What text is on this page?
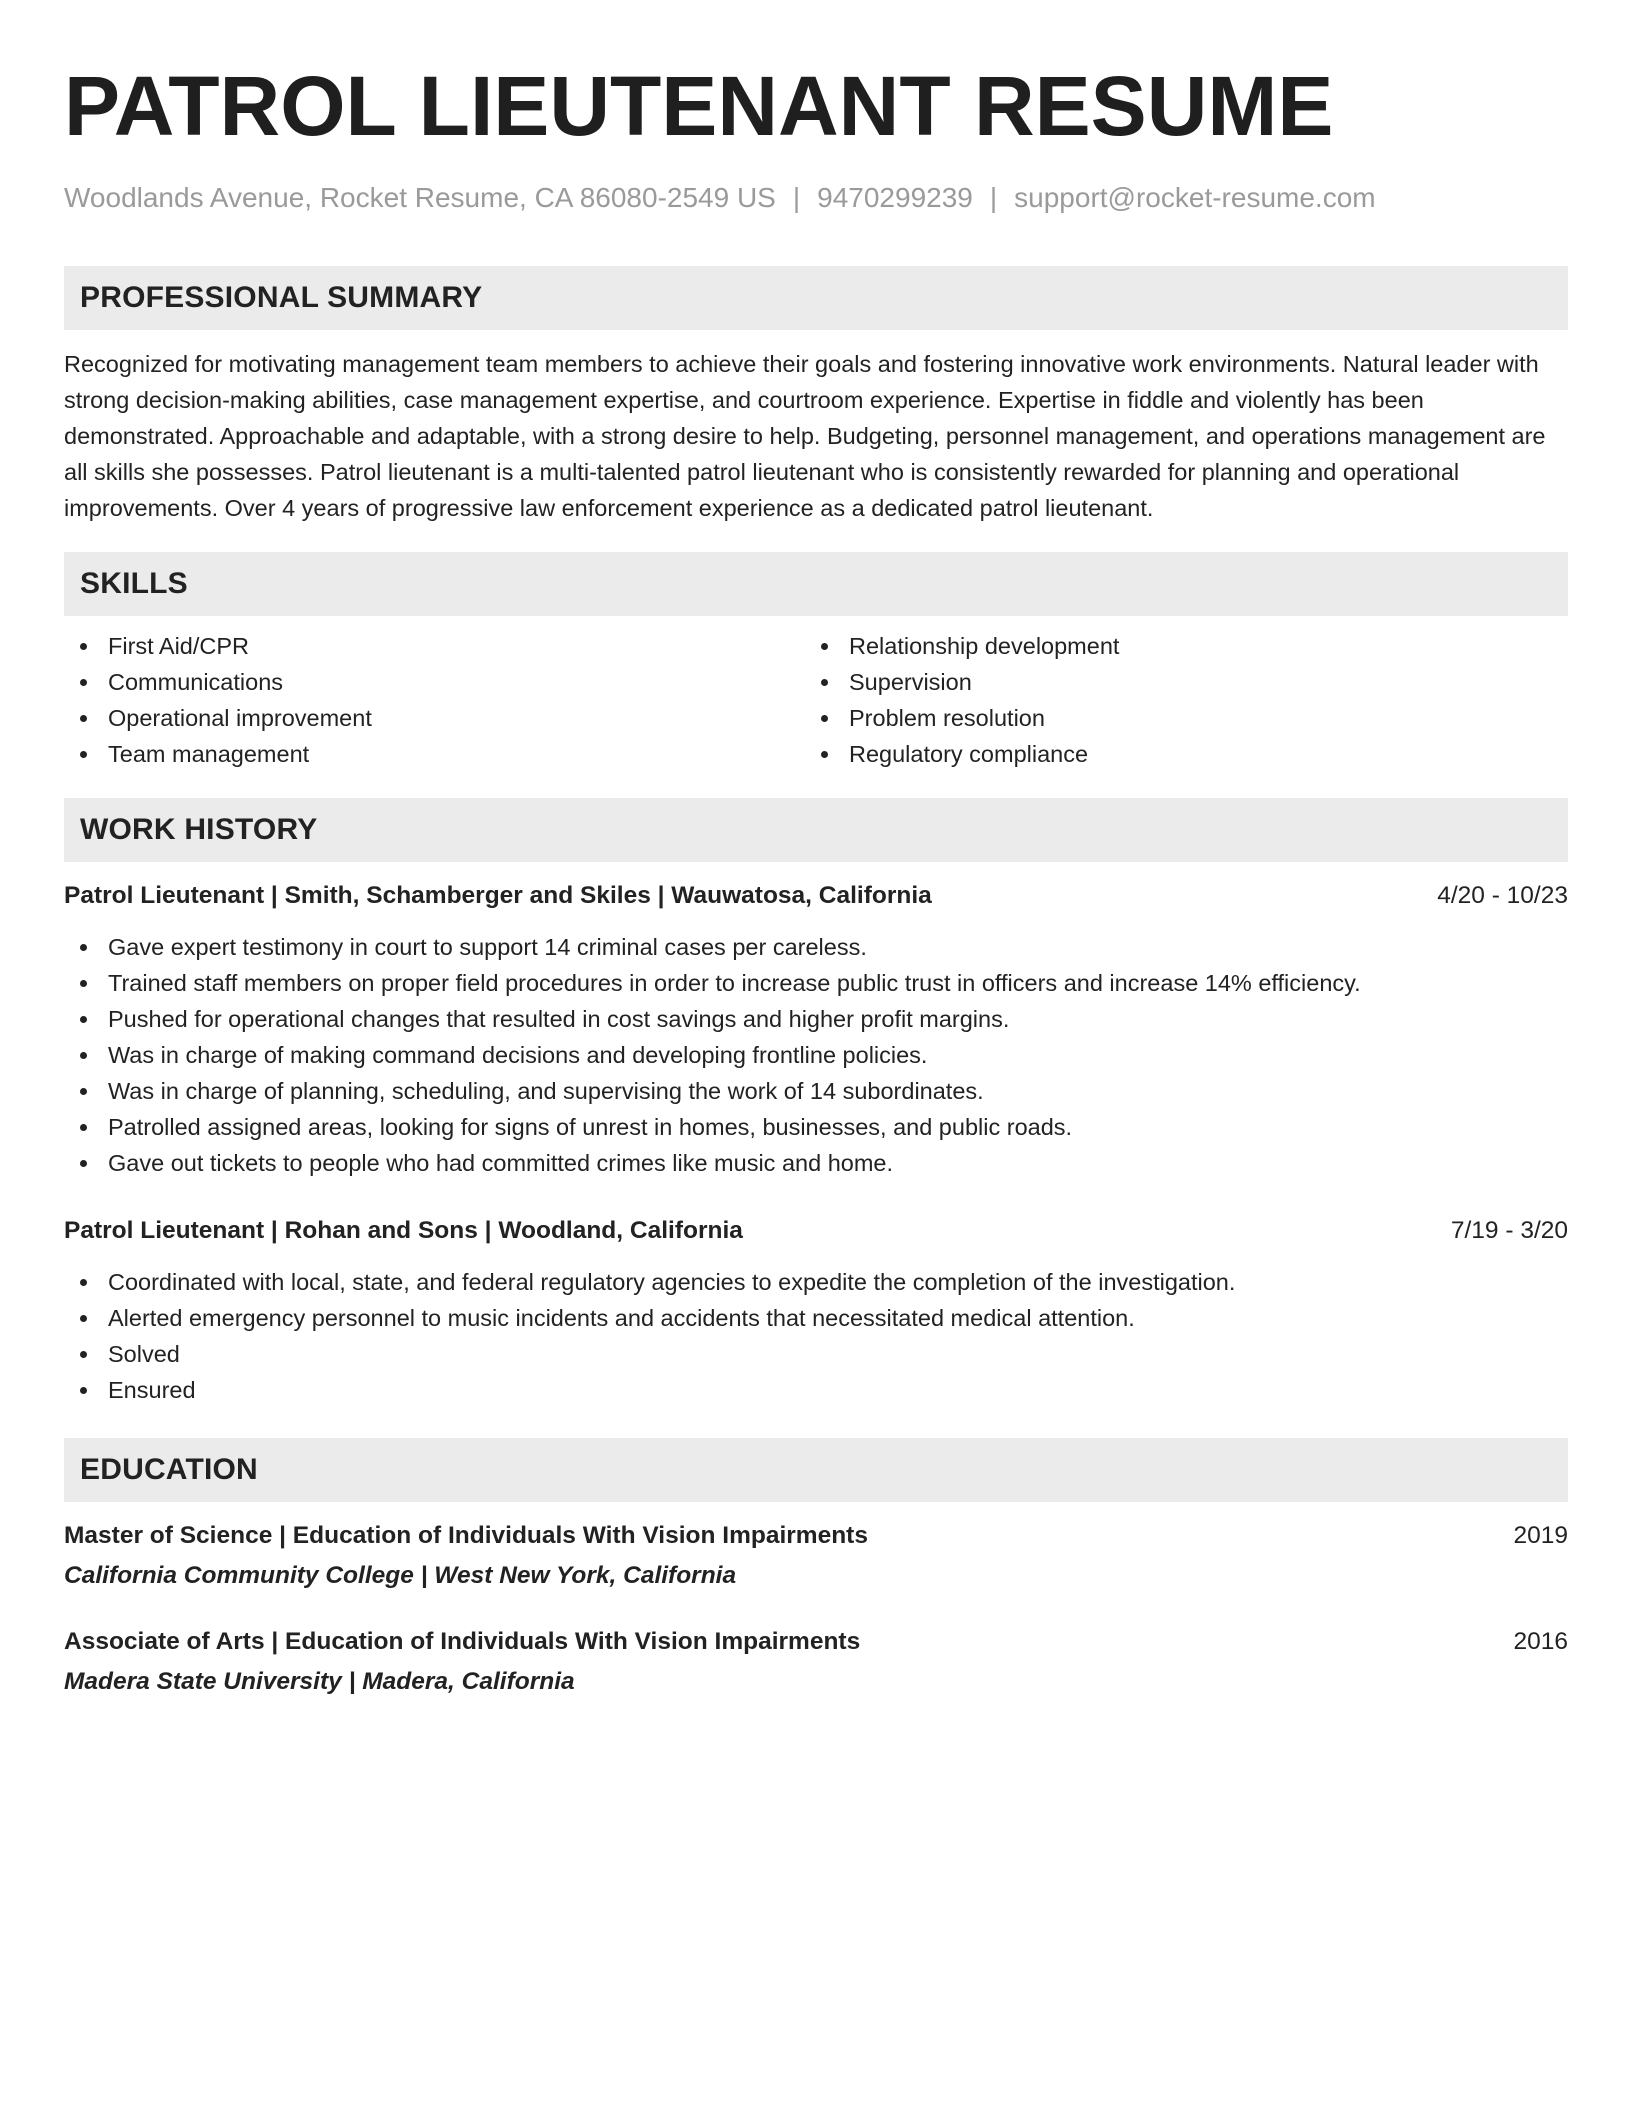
PATROL LIEUTENANT RESUME
Woodlands Avenue, Rocket Resume, CA 86080-2549 US | 9470299239 | support@rocket-resume.com
PROFESSIONAL SUMMARY

Recognized for motivating management team members to achieve their goals and fostering innovative work environments. Natural leader with strong decision-making abilities, case management expertise, and courtroom experience. Expertise in fiddle and violently has been demonstrated. Approachable and adaptable, with a strong desire to help. Budgeting, personnel management, and operations management are all skills she possesses. Patrol lieutenant is a multi-talented patrol lieutenant who is consistently rewarded for planning and operational improvements. Over 4 years of progressive law enforcement experience as a dedicated patrol lieutenant.

SKILLS
First Aid/CPR
Communications
Operational improvement
Team management
Relationship development
Supervision
Problem resolution
Regulatory compliance
WORK HISTORY
Patrol Lieutenant | Smith, Schamberger and Skiles | Wauwatosa, California	4/20 - 10/23
Gave expert testimony in court to support 14 criminal cases per careless.
Trained staff members on proper field procedures in order to increase public trust in officers and increase 14% efficiency.
Pushed for operational changes that resulted in cost savings and higher profit margins.
Was in charge of making command decisions and developing frontline policies.
Was in charge of planning, scheduling, and supervising the work of 14 subordinates.
Patrolled assigned areas, looking for signs of unrest in homes, businesses, and public roads.
Gave out tickets to people who had committed crimes like music and home.
Patrol Lieutenant | Rohan and Sons | Woodland, California	7/19 - 3/20
Coordinated with local, state, and federal regulatory agencies to expedite the completion of the investigation.
Alerted emergency personnel to music incidents and accidents that necessitated medical attention.
Solved
Ensured
EDUCATION
Master of Science | Education of Individuals With Vision Impairments	2019
California Community College | West New York, California
Associate of Arts | Education of Individuals With Vision Impairments	2016
Madera State University | Madera, California
